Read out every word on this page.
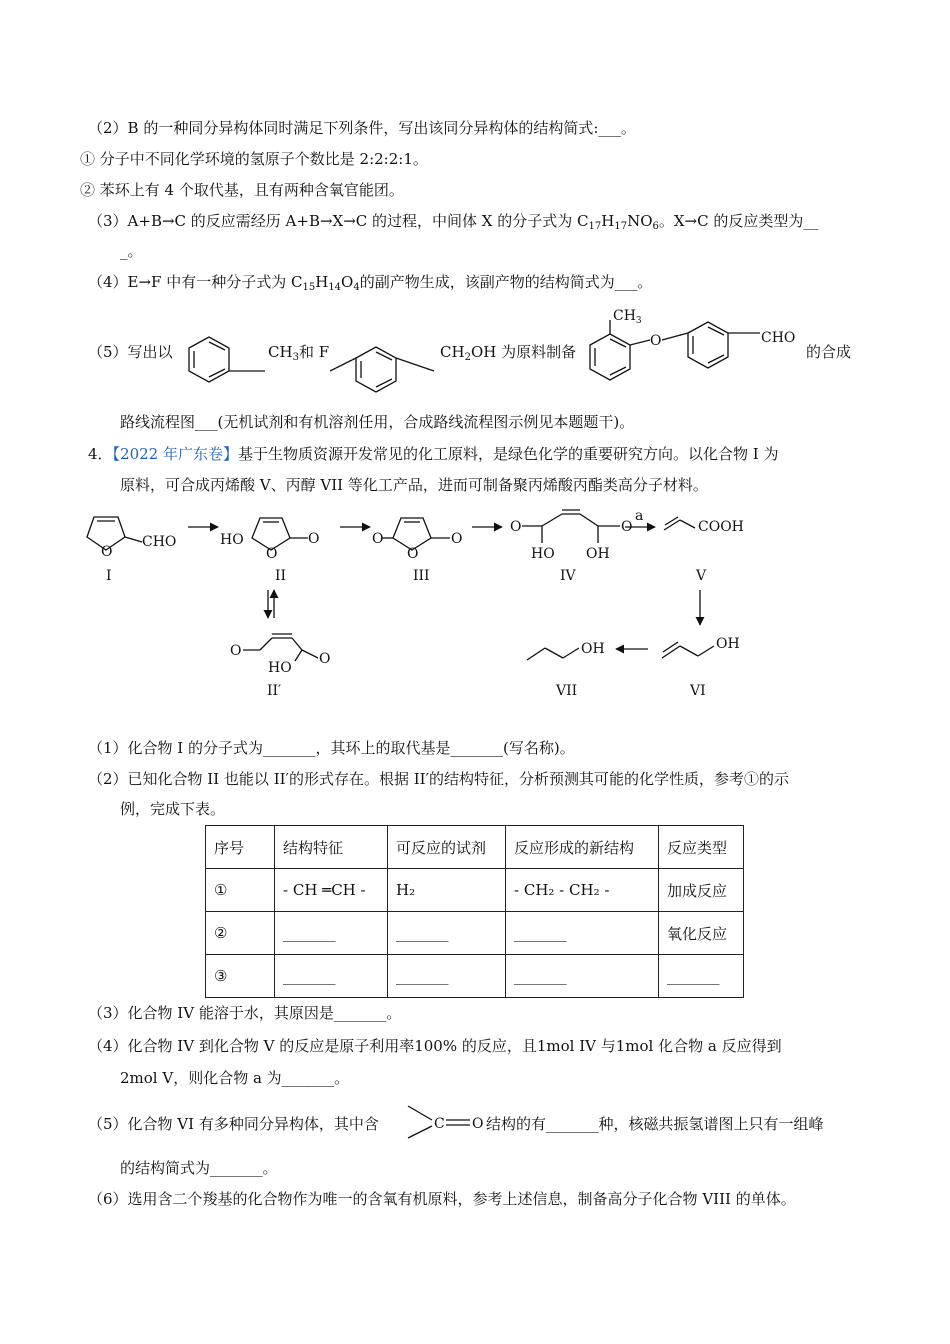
（2）B 的一种同分异构体同时满足下列条件，写出该同分异构体的结构简式:___。
① 分子中不同化学环境的氢原子个数比是 2:2:2:1。
② 苯环上有 4 个取代基，且有两种含氧官能团。
（3）A+B→C 的反应需经历 A+B→X→C 的过程，中间体 X 的分子式为 $C_{17}H_{17}NO_6$。X→C 的反应类型为__
_。
（4）E→F 中有一种分子式为 $C_{15}H_{14}O_4$的副产物生成，该副产物的结构简式为___。
（5）写出以	$CH_3$和 F	$CH_2OH$ 为原料制备
$CH_3$
O	CHO
的合成
路线流程图___(无机试剂和有机溶剂任用，合成路线流程图示例见本题题干)。
4．【2022 年广东卷】基于生物质资源开发常见的化工原料，是绿色化学的重要研究方向。以化合物 I 为
原料，可合成丙烯酸 V、丙醇 VII 等化工产品，进而可制备聚丙烯酸丙酯类高分子材料。
O
CHO
I
HO
O
O
II
O
O
O
III
O	O
HO OH
IV
a
COOH
V
O	O
HO
II′
OH
VI
OH
VII
（1）化合物 I 的分子式为_______，其环上的取代基是_______(写名称)。
（2）已知化合物 II 也能以 II′的形式存在。根据 II′的结构特征，分析预测其可能的化学性质，参考①的示
例，完成下表。
序号	结构特征	可反应的试剂	反应形成的新结构	反应类型
①	- CH ═CH -	H₂	- CH₂ - CH₂ -	加成反应
②	_______	_______	_______	氧化反应
③	_______	_______	_______	_______
（3）化合物 IV 能溶于水，其原因是_______。
（4）化合物 IV 到化合物 V 的反应是原子利用率100% 的反应，且1mol IV 与1mol 化合物 a 反应得到
2mol V，则化合物 a 为_______。
（5）化合物 VI 有多种同分异构体，其中含	C O 结构的有_______种，核磁共振氢谱图上只有一组峰
的结构简式为_______。
（6）选用含二个羧基的化合物作为唯一的含氧有机原料，参考上述信息，制备高分子化合物 VIII 的单体。
